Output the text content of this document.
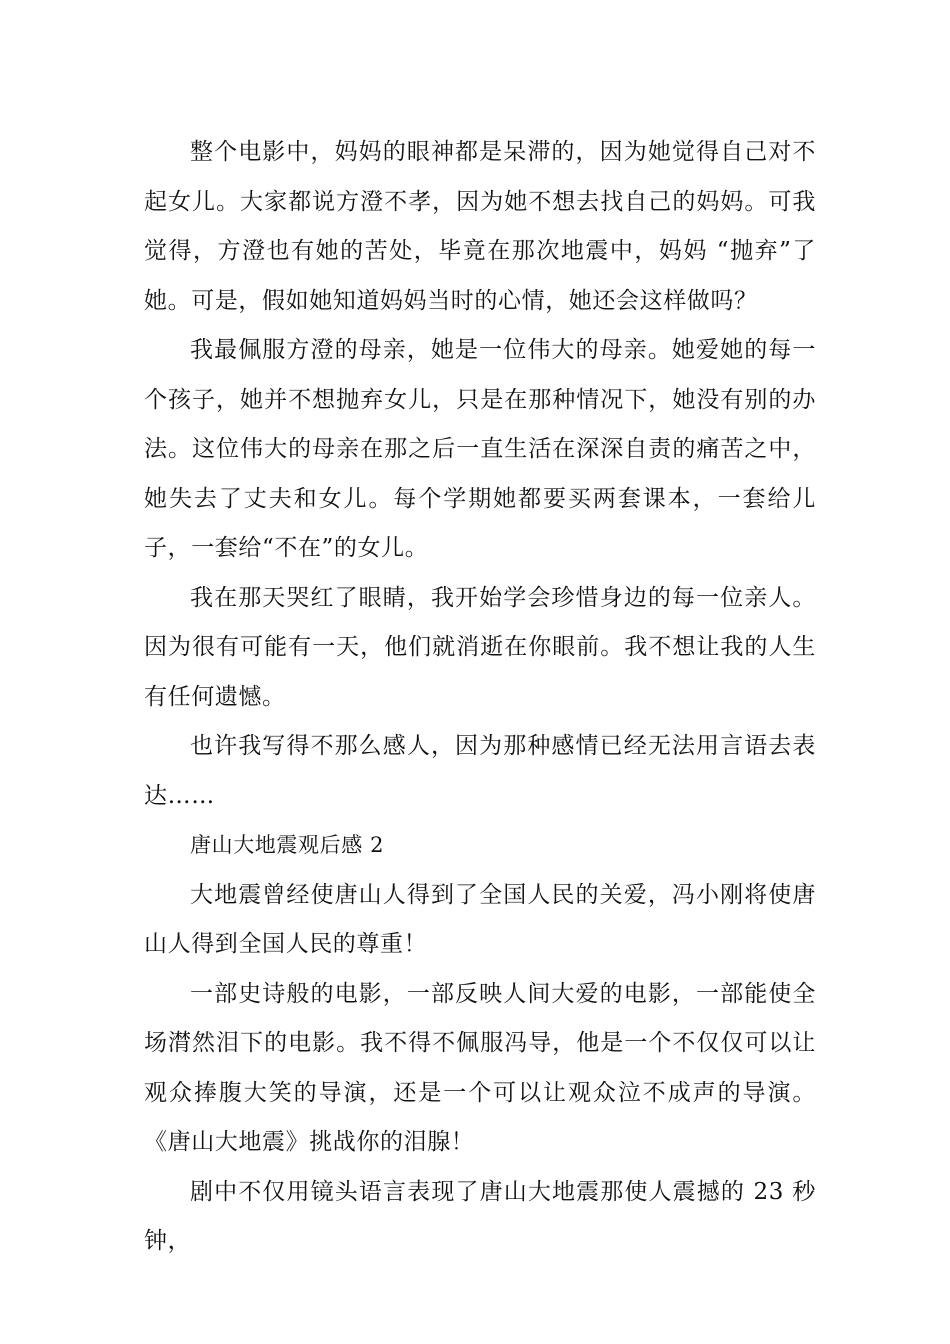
整个电影中，妈妈的眼神都是呆滞的，因为她觉得自己对不起女儿。大家都说方澄不孝，因为她不想去找自己的妈妈。可我觉得，方澄也有她的苦处，毕竟在那次地震中，妈妈 “抛弃”了她。可是，假如她知道妈妈当时的心情，她还会这样做吗？

我最佩服方澄的母亲，她是一位伟大的母亲。她爱她的每一个孩子，她并不想抛弃女儿，只是在那种情况下，她没有别的办法。这位伟大的母亲在那之后一直生活在深深自责的痛苦之中，她失去了丈夫和女儿。每个学期她都要买两套课本，一套给儿子，一套给“不在”的女儿。

我在那天哭红了眼睛，我开始学会珍惜身边的每一位亲人。因为很有可能有一天，他们就消逝在你眼前。我不想让我的人生有任何遗憾。

也许我写得不那么感人，因为那种感情已经无法用言语去表达……

唐山大地震观后感 2

大地震曾经使唐山人得到了全国人民的关爱，冯小刚将使唐山人得到全国人民的尊重！

一部史诗般的电影，一部反映人间大爱的电影，一部能使全场潸然泪下的电影。我不得不佩服冯导，他是一个不仅仅可以让观众捧腹大笑的导演，还是一个可以让观众泣不成声的导演。《唐山大地震》挑战你的泪腺！

剧中不仅用镜头语言表现了唐山大地震那使人震撼的 23 秒钟，
